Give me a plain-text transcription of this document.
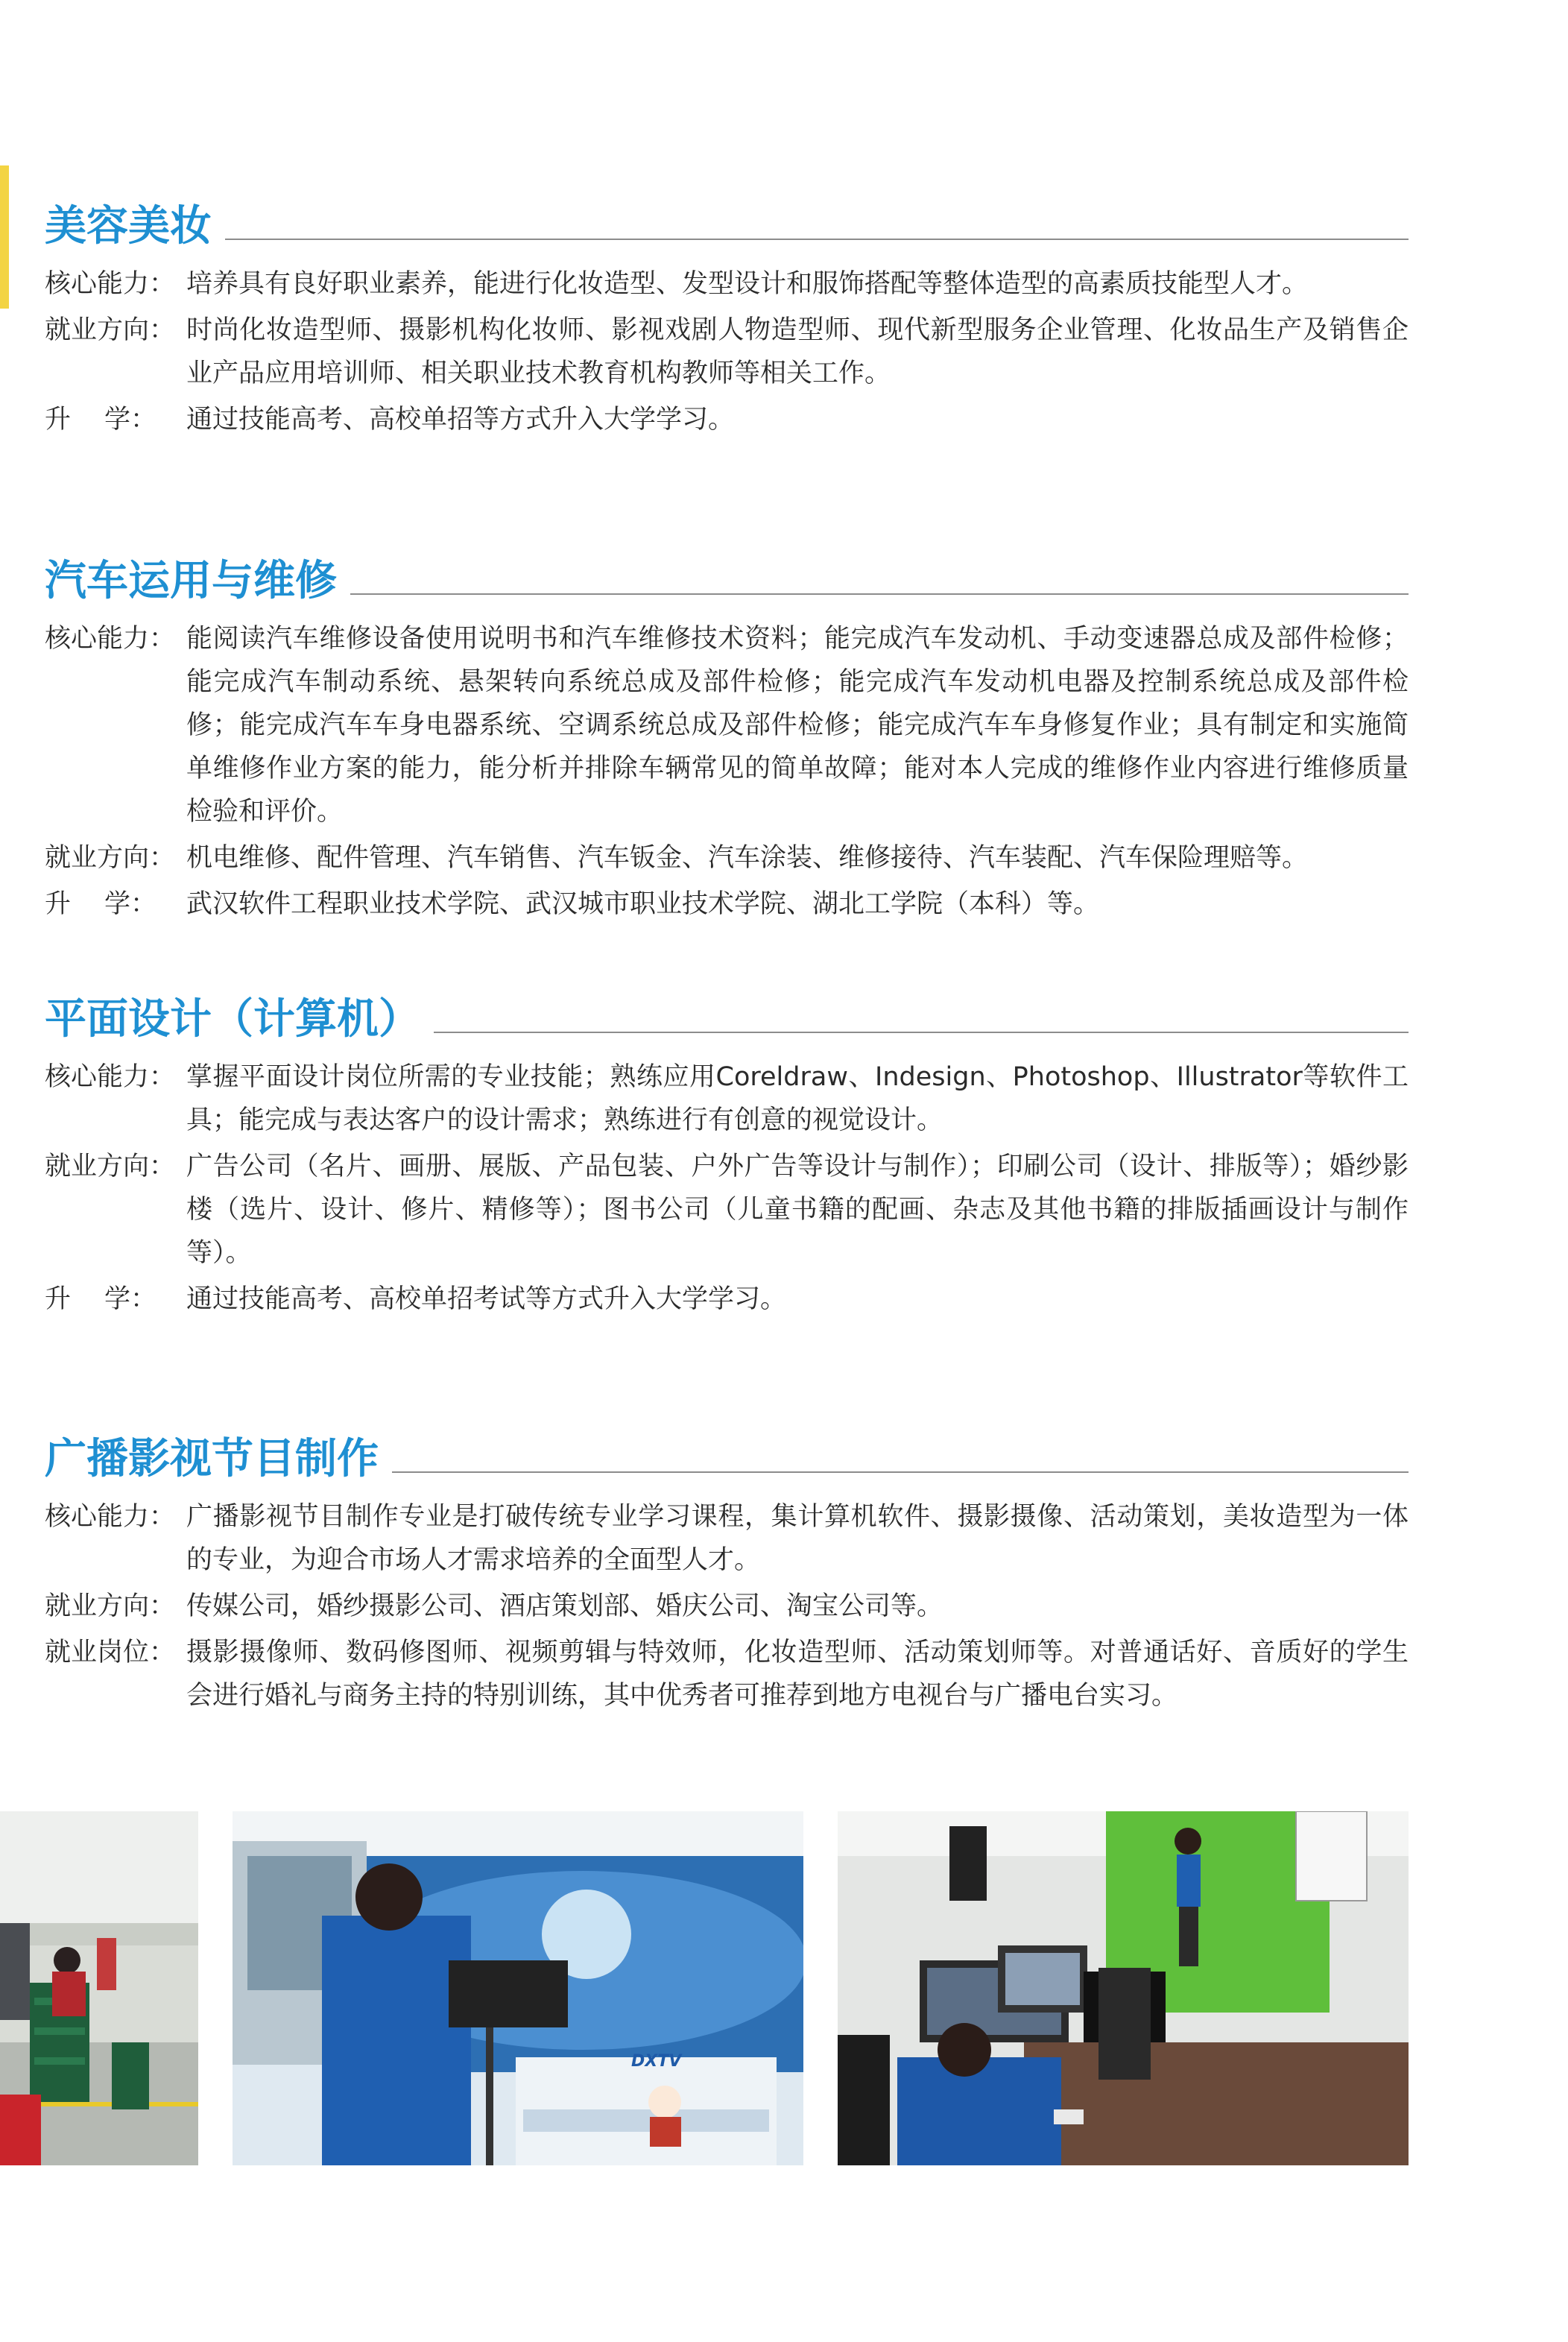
美容美妆
核心能力： 培养具有良好职业素养，能进行化妆造型、发型设计和服饰搭配等整体造型的高素质技能型人才。
就业方向： 时尚化妆造型师、摄影机构化妆师、影视戏剧人物造型师、现代新型服务企业管理、化妆品生产及销售企业产品应用培训师、相关职业技术教育机构教师等相关工作。
升 学： 通过技能高考、高校单招等方式升入大学学习。
汽车运用与维修
核心能力： 能阅读汽车维修设备使用说明书和汽车维修技术资料；能完成汽车发动机、手动变速器总成及部件检修；能完成汽车制动系统、悬架转向系统总成及部件检修；能完成汽车发动机电器及控制系统总成及部件检修；能完成汽车车身电器系统、空调系统总成及部件检修；能完成汽车车身修复作业；具有制定和实施简单维修作业方案的能力，能分析并排除车辆常见的简单故障；能对本人完成的维修作业内容进行维修质量检验和评价。
就业方向： 机电维修、配件管理、汽车销售、汽车钣金、汽车涂装、维修接待、汽车装配、汽车保险理赔等。
升 学： 武汉软件工程职业技术学院、武汉城市职业技术学院、湖北工学院（本科）等。
平面设计（计算机）
核心能力： 掌握平面设计岗位所需的专业技能；熟练应用Coreldraw、Indesign、Photoshop、Illustrator等软件工具；能完成与表达客户的设计需求；熟练进行有创意的视觉设计。
就业方向： 广告公司（名片、画册、展版、产品包装、户外广告等设计与制作）；印刷公司（设计、排版等）；婚纱影楼（选片、设计、修片、精修等）；图书公司（儿童书籍的配画、杂志及其他书籍的排版插画设计与制作等）。
升 学： 通过技能高考、高校单招考试等方式升入大学学习。
广播影视节目制作
核心能力： 广播影视节目制作专业是打破传统专业学习课程，集计算机软件、摄影摄像、活动策划，美妆造型为一体的专业，为迎合市场人才需求培养的全面型人才。
就业方向： 传媒公司，婚纱摄影公司、酒店策划部、婚庆公司、淘宝公司等。
就业岗位： 摄影摄像师、数码修图师、视频剪辑与特效师，化妆造型师、活动策划师等。对普通话好、音质好的学生会进行婚礼与商务主持的特别训练，其中优秀者可推荐到地方电视台与广播电台实习。
DXTV
